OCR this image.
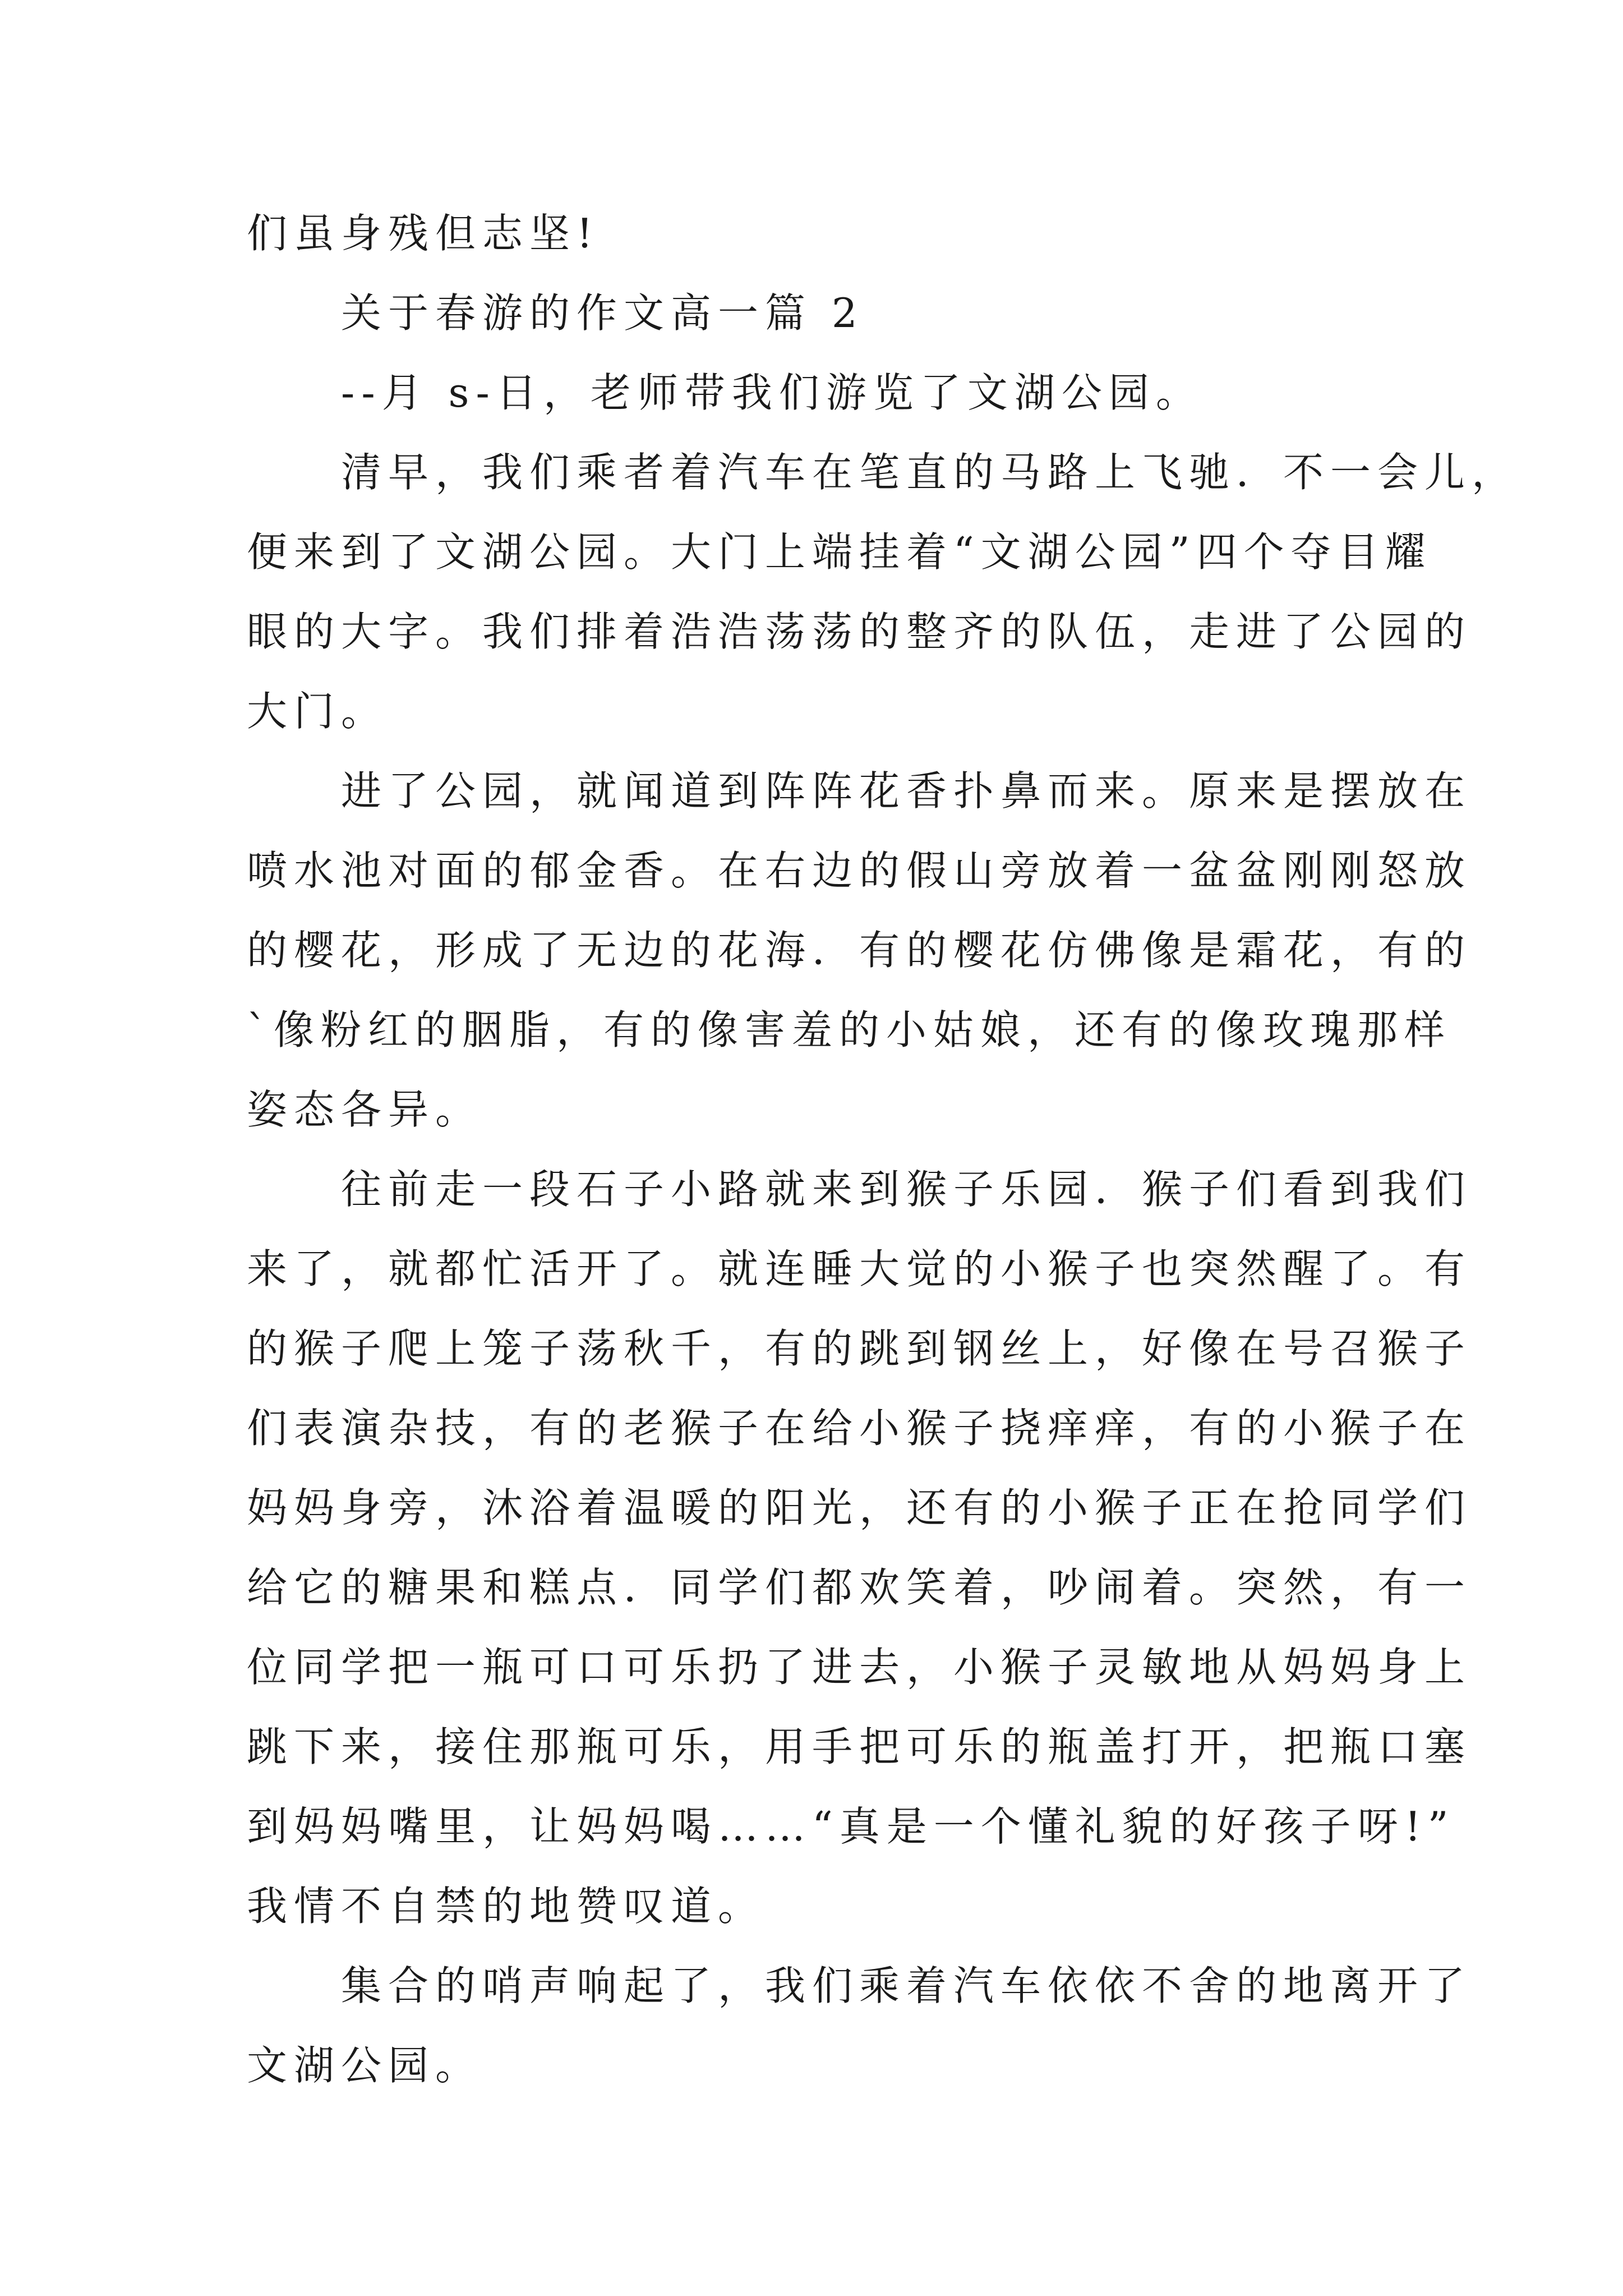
们虽身残但志坚!
　　关于春游的作文高一篇 2
　　--月 s-日，老师带我们游览了文湖公园。
　　清早，我们乘者着汽车在笔直的马路上飞驰．不一会儿，
便来到了文湖公园。大门上端挂着“文湖公园”四个夺目耀
眼的大字。我们排着浩浩荡荡的整齐的队伍，走进了公园的
大门。
　　进了公园，就闻道到阵阵花香扑鼻而来。原来是摆放在
喷水池对面的郁金香。在右边的假山旁放着一盆盆刚刚怒放
的樱花，形成了无边的花海．有的樱花仿佛像是霜花，有的
`像粉红的胭脂，有的像害羞的小姑娘，还有的像玫瑰那样
姿态各异。
　　往前走一段石子小路就来到猴子乐园．猴子们看到我们
来了，就都忙活开了。就连睡大觉的小猴子也突然醒了。有
的猴子爬上笼子荡秋千，有的跳到钢丝上，好像在号召猴子
们表演杂技，有的老猴子在给小猴子挠痒痒，有的小猴子在
妈妈身旁，沐浴着温暖的阳光，还有的小猴子正在抢同学们
给它的糖果和糕点．同学们都欢笑着，吵闹着。突然，有一
位同学把一瓶可口可乐扔了进去，小猴子灵敏地从妈妈身上
跳下来，接住那瓶可乐，用手把可乐的瓶盖打开，把瓶口塞
到妈妈嘴里，让妈妈喝……“真是一个懂礼貌的好孩子呀!”
我情不自禁的地赞叹道。
　　集合的哨声响起了，我们乘着汽车依依不舍的地离开了
文湖公园。
